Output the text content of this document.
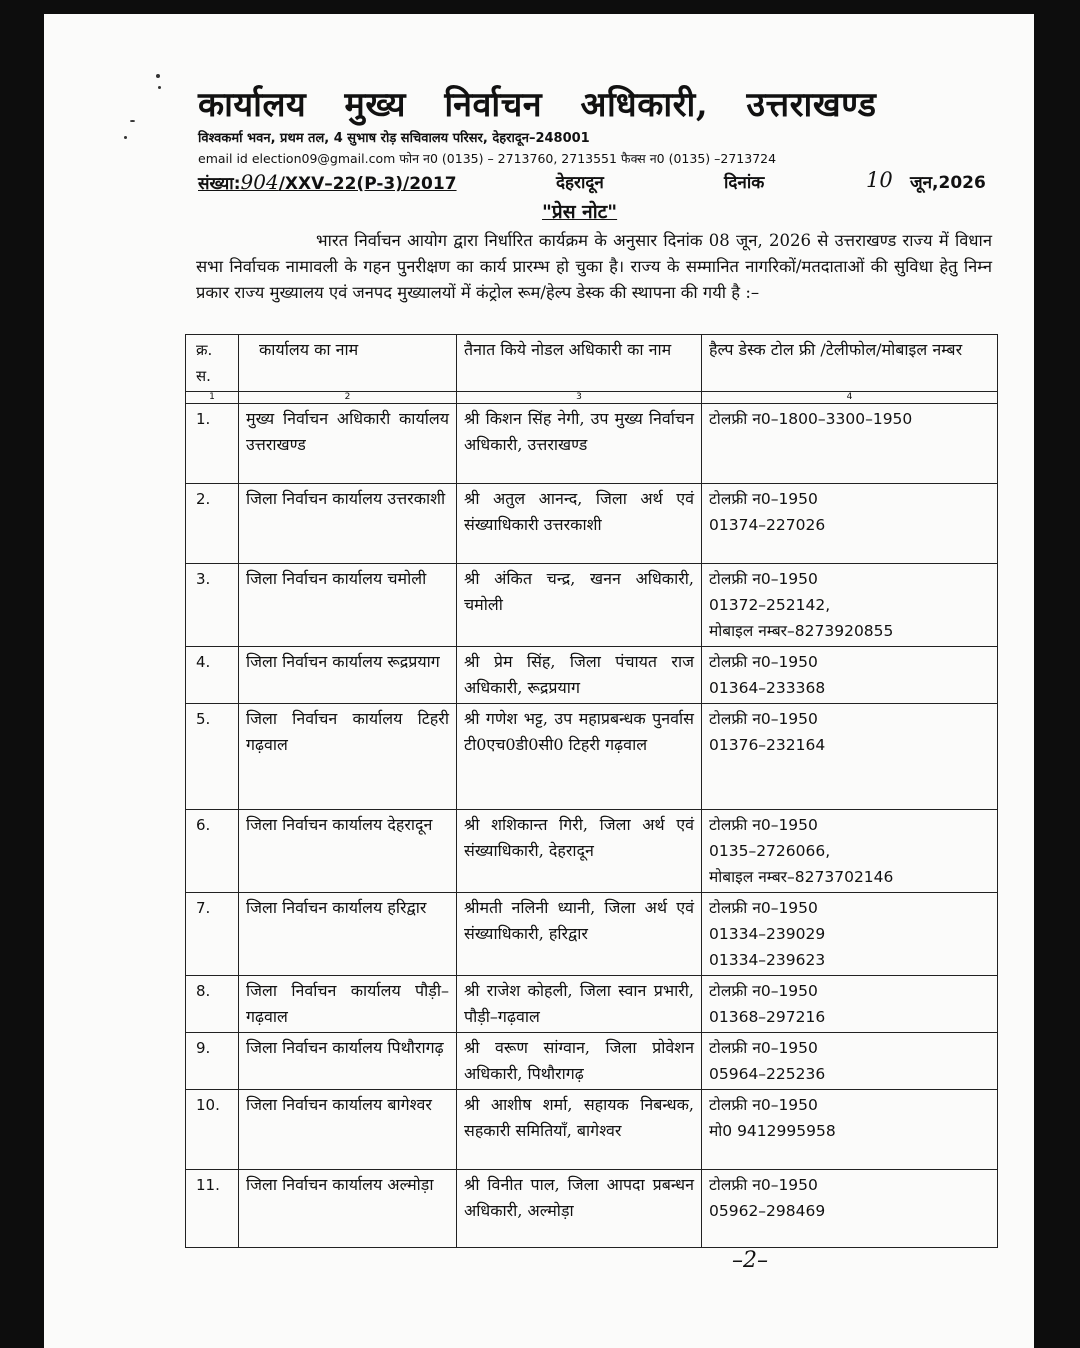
कार्यालय मुख्य निर्वाचन अधिकारी, उत्तराखण्ड
विश्वकर्मा भवन, प्रथम तल, 4 सुभाष रोड़ सचिवालय परिसर, देहरादून–248001
email id election09@gmail.com फोन न0 (0135) – 2713760, 2713551 फैक्स न0 (0135) –2713724
संख्या:904/XXV–22(P-3)/2017	देहरादून	दिनांक	10 जून,2026
"प्रेस नोट"
भारत निर्वाचन आयोग द्वारा निर्धारित कार्यक्रम के अनुसार दिनांक 08 जून, 2026 से उत्तराखण्ड राज्य में विधान सभा निर्वाचक नामावली के गहन पुनरीक्षण का कार्य प्रारम्भ हो चुका है। राज्य के सम्मानित नागरिकों/मतदाताओं की सुविधा हेतु निम्न प्रकार राज्य मुख्यालय एवं जनपद मुख्यालयों में कंट्रोल रूम/हेल्प डेस्क की स्थापना की गयी है :–
क्र. स.	कार्यालय का नाम	तैनात किये नोडल अधिकारी का नाम	हैल्प डेस्क टोल फ्री /टेलीफोल/मोबाइल नम्बर
1	2	3	4
1.	मुख्य निर्वाचन अधिकारी कार्यालय उत्तराखण्ड	श्री किशन सिंह नेगी, उप मुख्य निर्वाचन अधिकारी, उत्तराखण्ड	टोलफ्री न0–1800–3300–1950

2.	जिला निर्वाचन कार्यालय उत्तरकाशी	श्री अतुल आनन्द, जिला अर्थ एवं संख्याधिकारी उत्तरकाशी	टोलफ्री न0–1950
01374–227026

3.	जिला निर्वाचन कार्यालय चमोली	श्री अंकित चन्द्र, खनन अधिकारी, चमोली	टोलफ्री न0–1950
01372–252142,
मोबाइल नम्बर–8273920855

4.	जिला निर्वाचन कार्यालय रूद्रप्रयाग	श्री प्रेम सिंह, जिला पंचायत राज अधिकारी, रूद्रप्रयाग	टोलफ्री न0–1950
01364–233368

5.	जिला निर्वाचन कार्यालय टिहरी गढ़वाल	श्री गणेश भट्ट, उप महाप्रबन्धक पुनर्वास टी0एच0डी0सी0 टिहरी गढ़वाल	टोलफ्री न0–1950
01376–232164

6.	जिला निर्वाचन कार्यालय देहरादून	श्री शशिकान्त गिरी, जिला अर्थ एवं संख्याधिकारी, देहरादून	टोलफ्री न0–1950
0135–2726066,
मोबाइल नम्बर–8273702146

7.	जिला निर्वाचन कार्यालय हरिद्वार	श्रीमती नलिनी ध्यानी, जिला अर्थ एवं संख्याधिकारी, हरिद्वार	टोलफ्री न0–1950
01334–239029
01334–239623

8.	जिला निर्वाचन कार्यालय पौड़ी–गढ़वाल	श्री राजेश कोहली, जिला स्वान प्रभारी, पौड़ी–गढ़वाल	टोलफ्री न0–1950
01368–297216

9.	जिला निर्वाचन कार्यालय पिथौरागढ़	श्री वरूण सांग्वान, जिला प्रोवेशन अधिकारी, पिथौरागढ़	टोलफ्री न0–1950
05964–225236

10.	जिला निर्वाचन कार्यालय बागेश्वर	श्री आशीष शर्मा, सहायक निबन्धक, सहकारी समितियॉं, बागेश्वर	टोलफ्री न0–1950
मो0 9412995958

11.	जिला निर्वाचन कार्यालय अल्मोड़ा	श्री विनीत पाल, जिला आपदा प्रबन्धन अधिकारी, अल्मोड़ा	टोलफ्री न0–1950
05962–298469
–2–
